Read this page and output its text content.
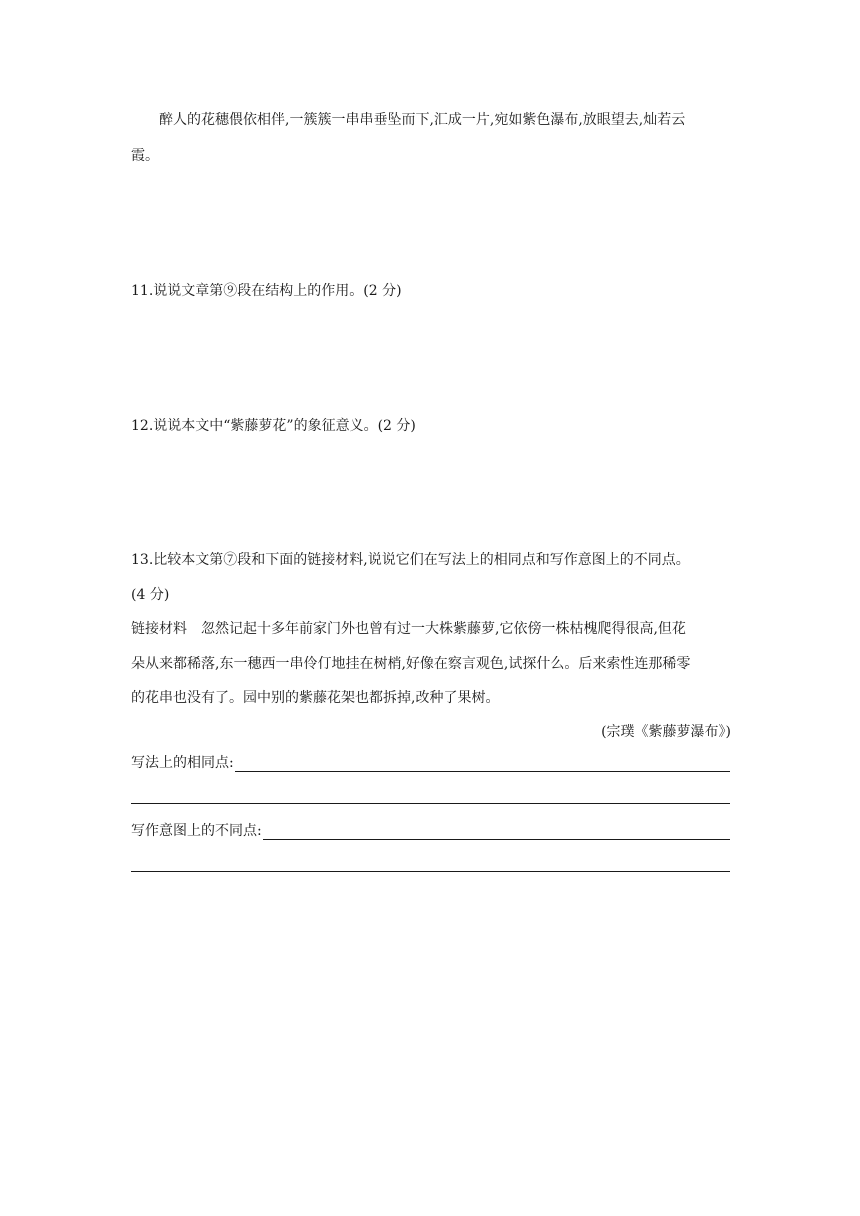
醉人的花穗偎依相伴,一簇簇一串串垂坠而下,汇成一片,宛如紫色瀑布,放眼望去,灿若云
霞。
11.说说文章第⑨段在结构上的作用。(2 分)
12.说说本文中“紫藤萝花”的象征意义。(2 分)
13.比较本文第⑦段和下面的链接材料,说说它们在写法上的相同点和写作意图上的不同点。
(4 分)
链接材料　忽然记起十多年前家门外也曾有过一大株紫藤萝,它依傍一株枯槐爬得很高,但花
朵从来都稀落,东一穗西一串伶仃地挂在树梢,好像在察言观色,试探什么。后来索性连那稀零
的花串也没有了。园中别的紫藤花架也都拆掉,改种了果树。
(宗璞《紫藤萝瀑布》)
写法上的相同点:
写作意图上的不同点:
